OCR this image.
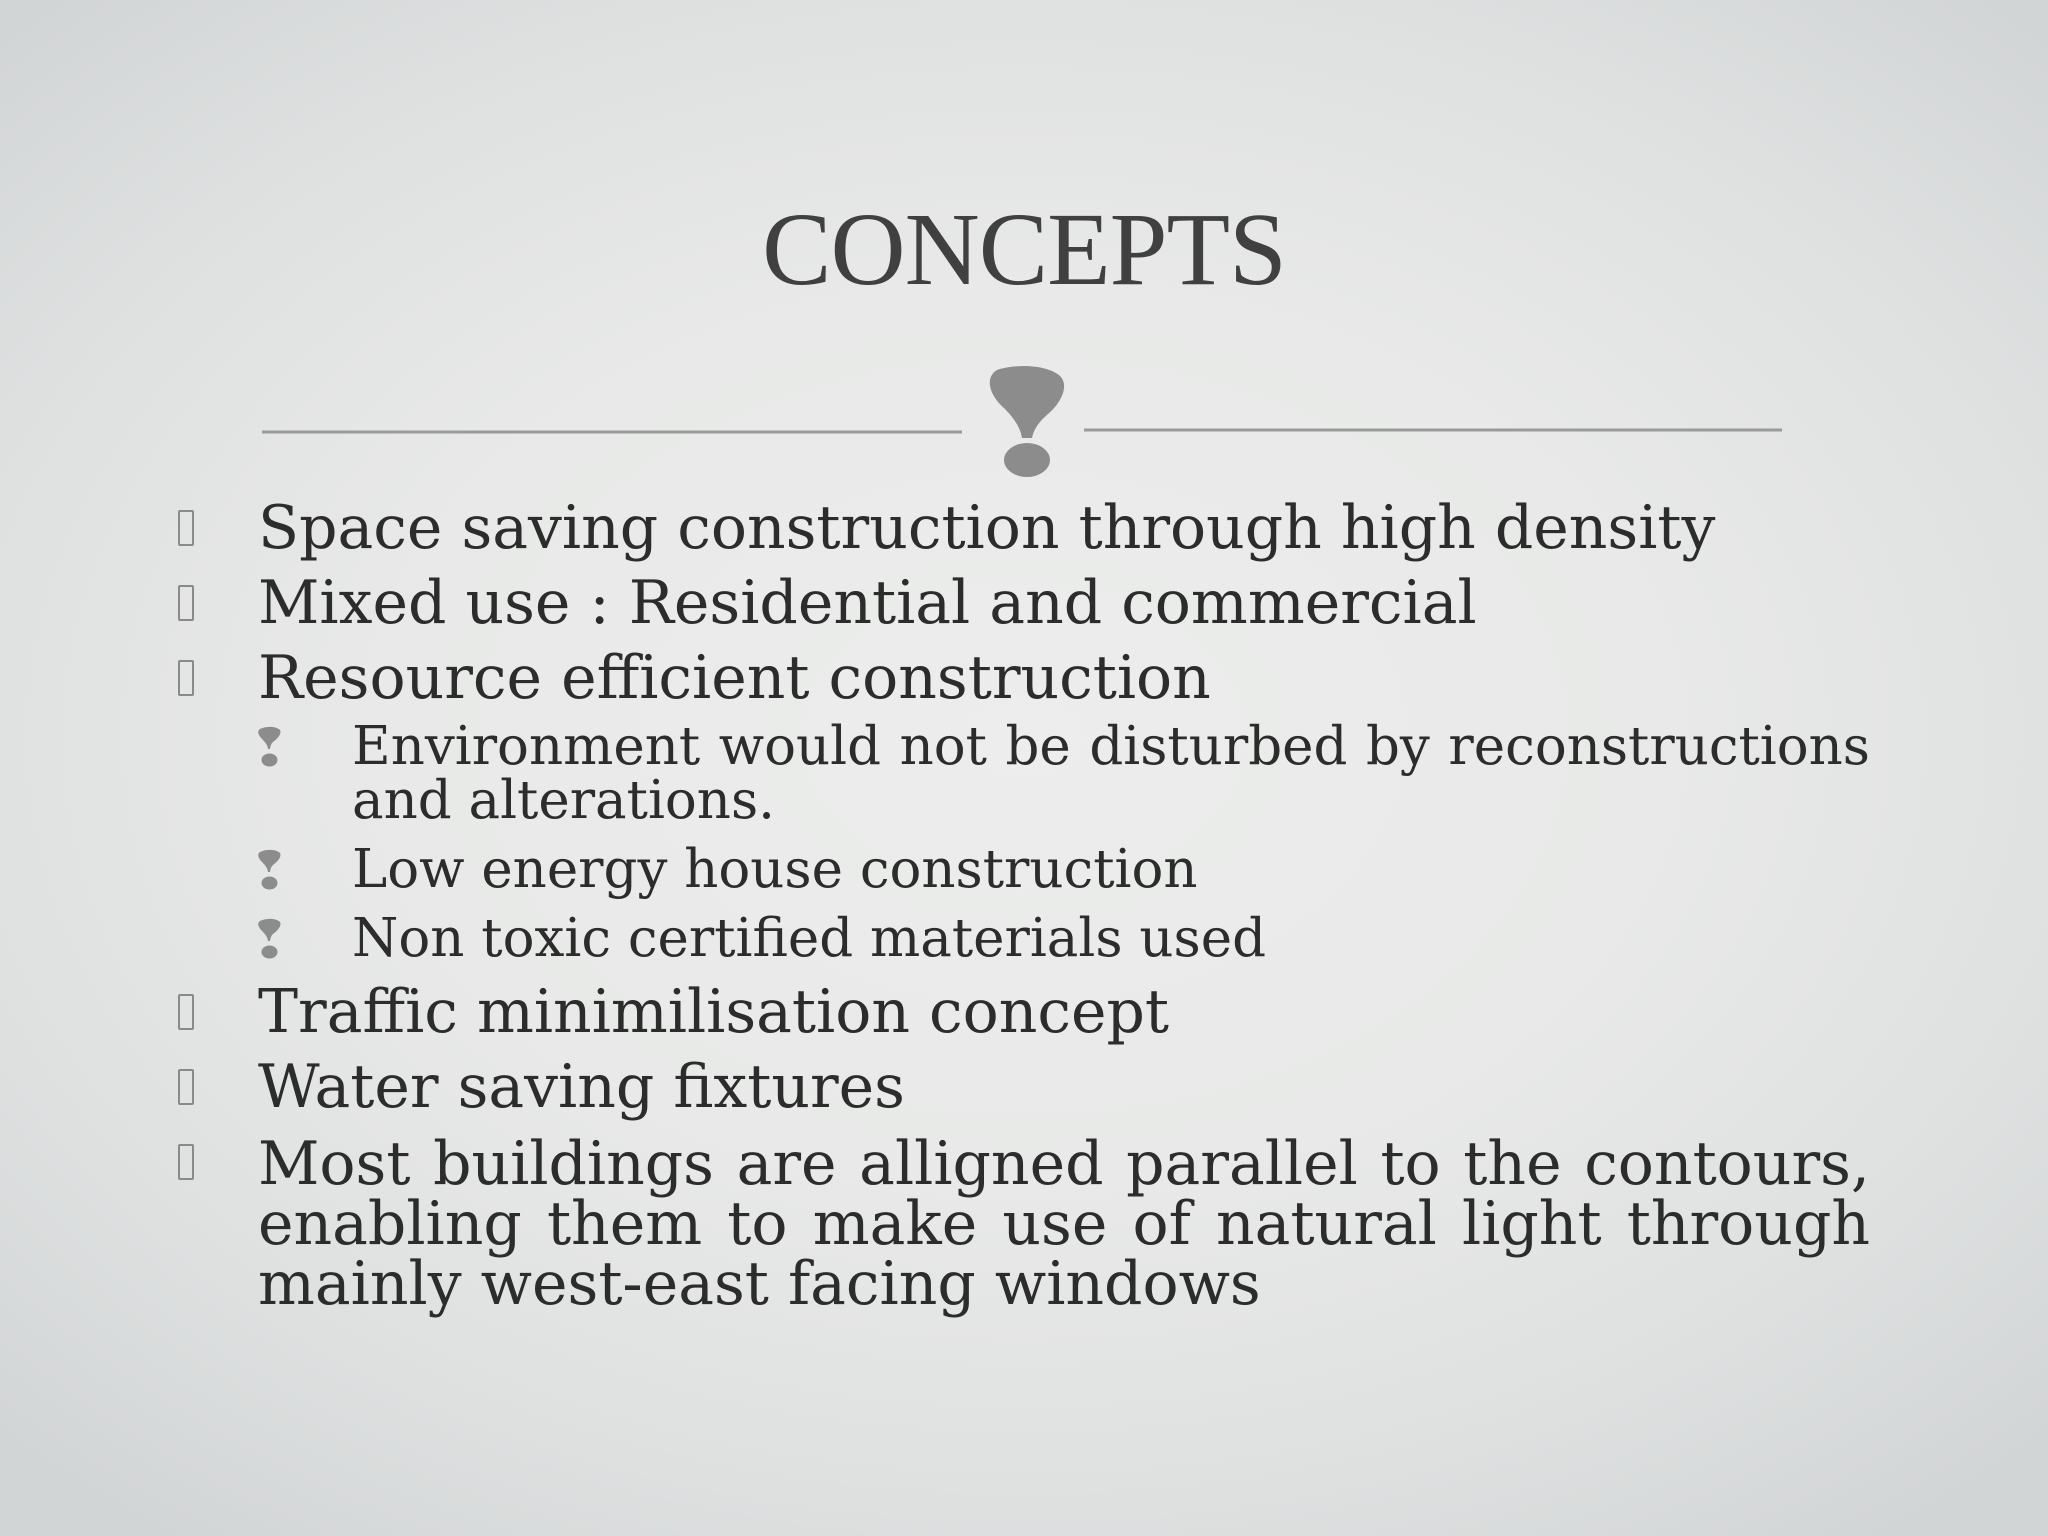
CONCEPTS
Space saving construction through high density
Mixed use : Residential and commercial
Resource efficient construction
Environment would not be disturbed by reconstructions and alterations.
Low energy house construction
Non toxic certified materials used
Traffic minimilisation concept
Water saving fixtures
Most buildings are alligned parallel to the contours, enabling them to make use of natural light through mainly west-east facing windows
